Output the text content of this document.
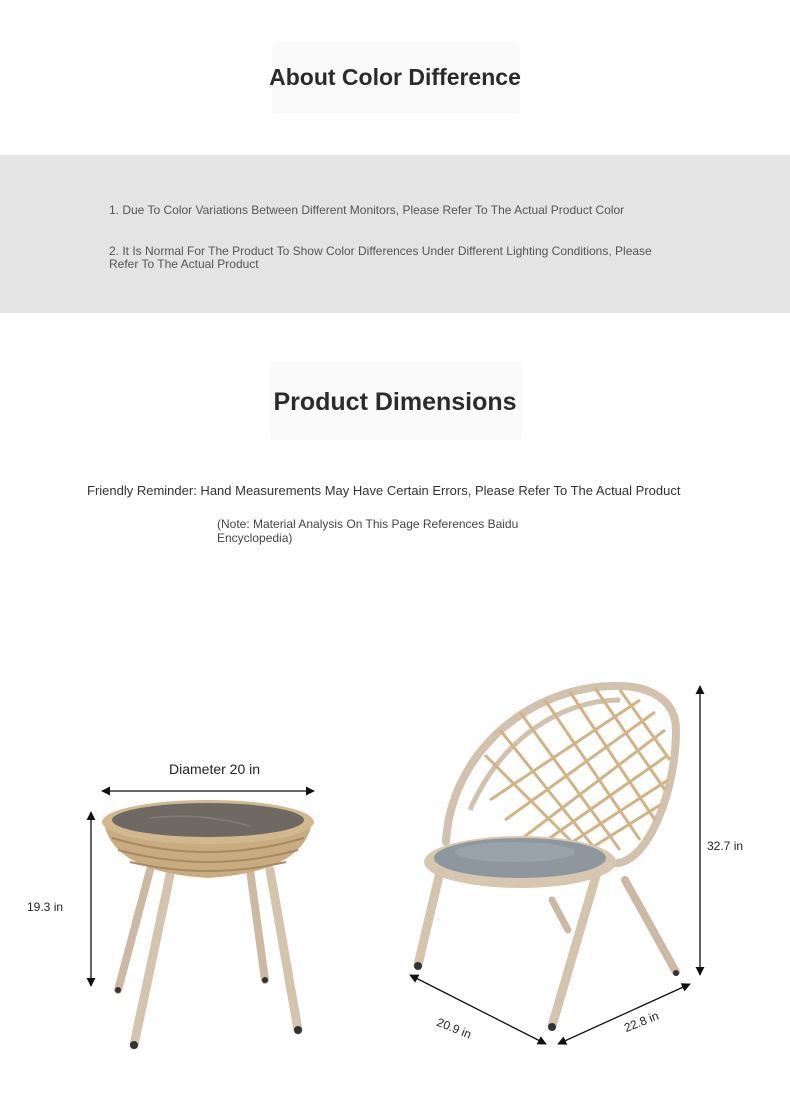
About Color Difference
1. Due To Color Variations Between Different Monitors, Please Refer To The Actual Product Color
2. It Is Normal For The Product To Show Color Differences Under Different Lighting Conditions, Please Refer To The Actual Product
Product Dimensions
Friendly Reminder: Hand Measurements May Have Certain Errors, Please Refer To The Actual Product
(Note: Material Analysis On This Page References Baidu Encyclopedia)
Diameter 20 in
19.3 in
32.7 in
20.9 in	22.8 in
